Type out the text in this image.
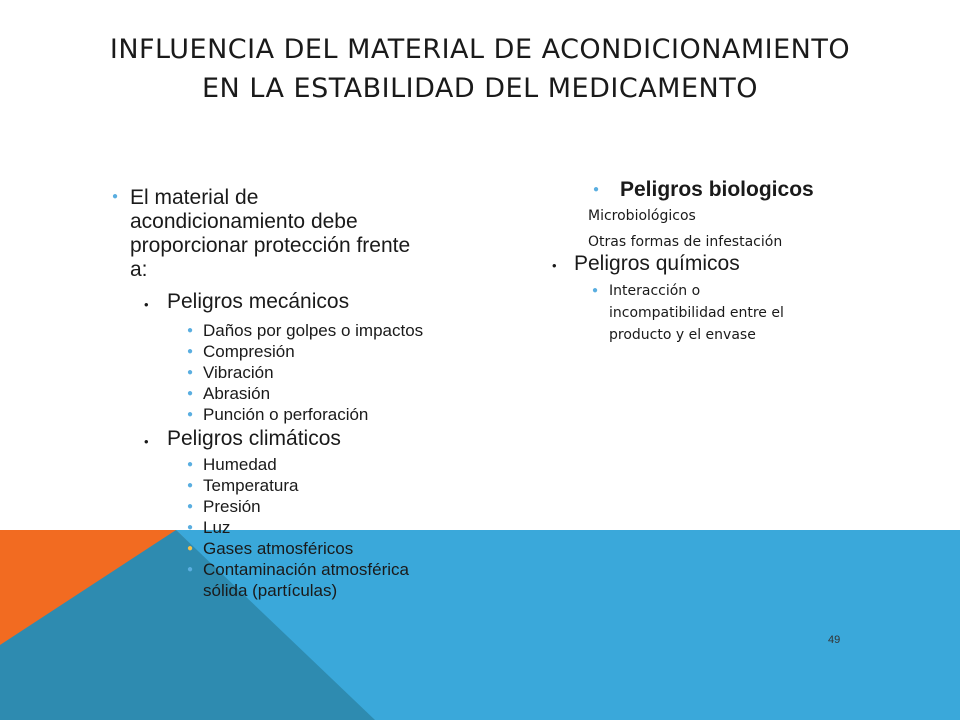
INFLUENCIA DEL MATERIAL DE ACONDICIONAMIENTO
EN LA ESTABILIDAD DEL MEDICAMENTO
● El material de
acondicionamiento debe
proporcionar protección frente
a:
• Peligros mecánicos
● Daños por golpes o impactos
● Compresión
● Vibración
● Abrasión
● Punción o perforación
• Peligros climáticos
● Humedad
● Temperatura
● Presión
● Luz
● Gases atmosféricos
● Contaminación atmosférica
sólida (partículas)
● Peligros biologicos
Microbiológicos
Otras formas de infestación
• Peligros químicos
● Interacción o
incompatibilidad entre el
producto y el envase
49
